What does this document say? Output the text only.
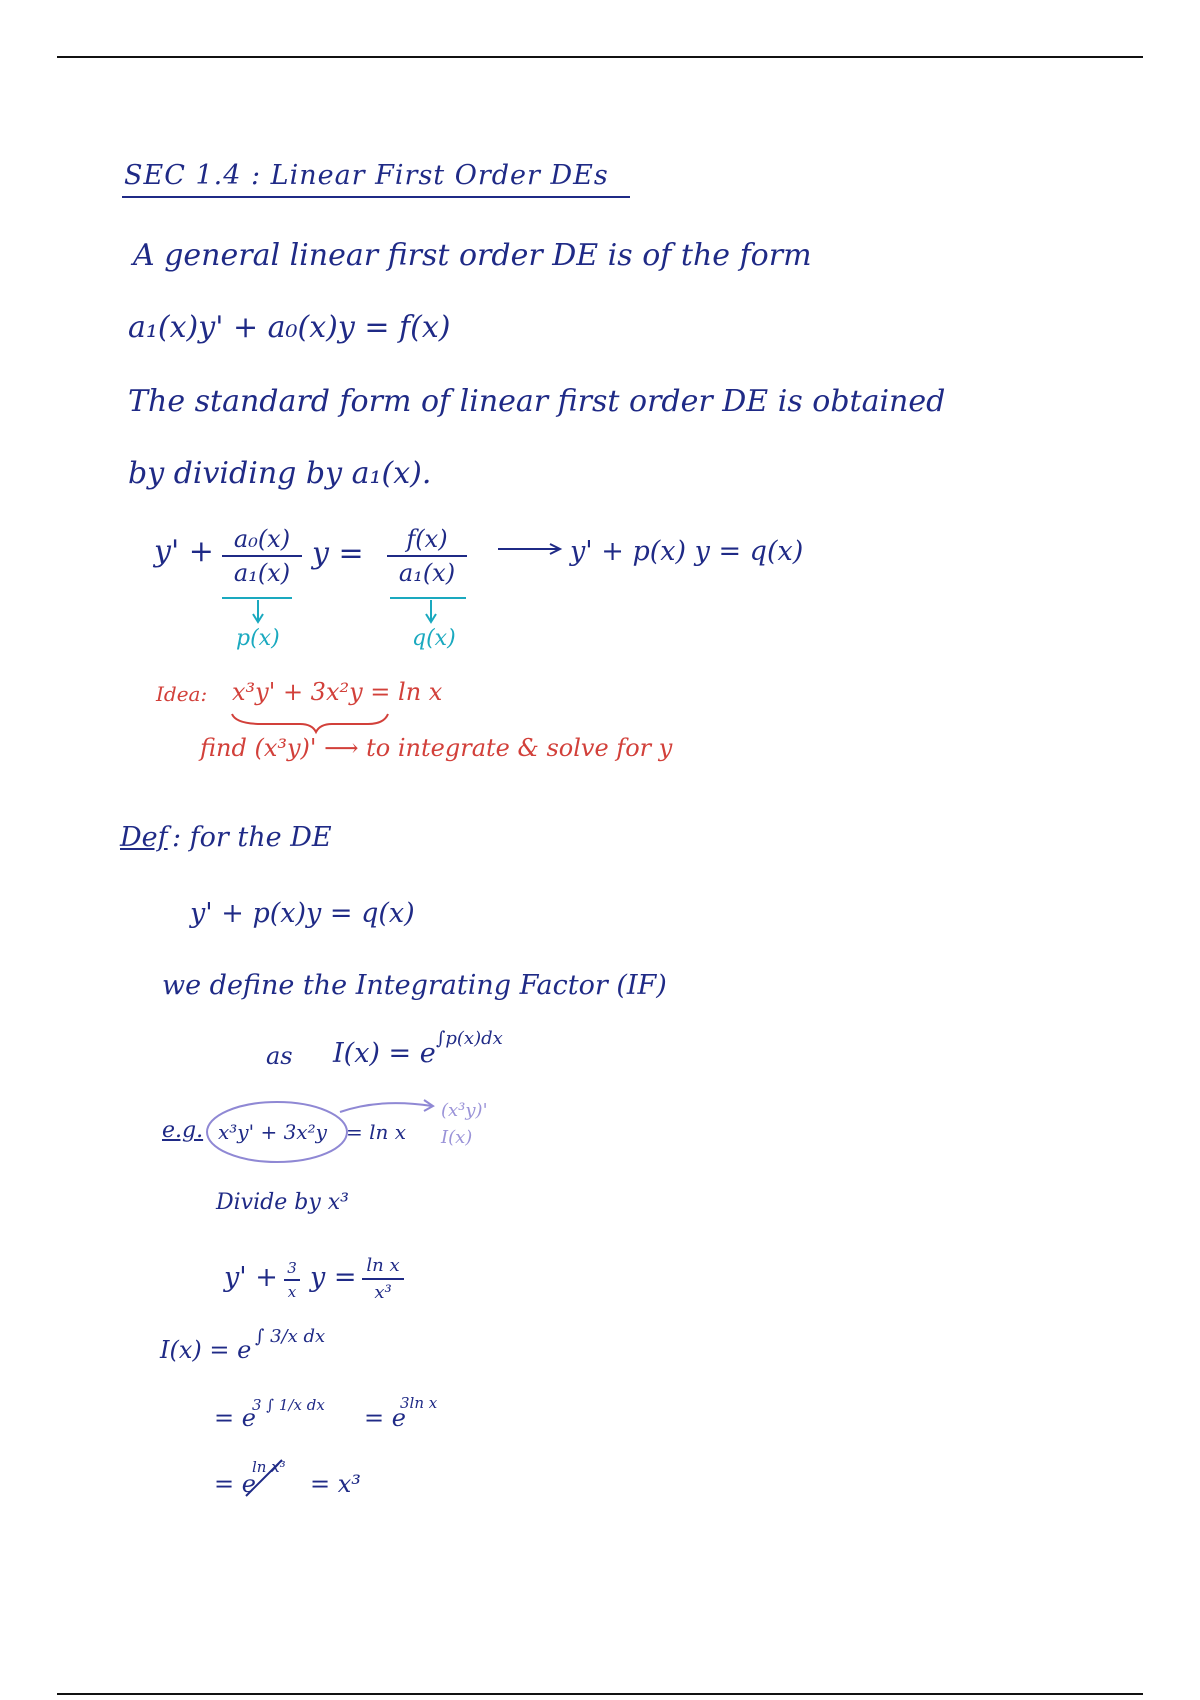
SEC 1.4 : Linear First Order DEs
A general linear first order DE is of the form
a₁(x)y' + a₀(x)y = f(x)
The standard form of linear first order DE is obtained
by dividing by a₁(x).
y' + a₀(x)
a₁(x)
y =	f(x)
a₁(x)
y' + p(x) y = q(x)
p(x)	q(x)
Idea: x³y' + 3x²y = ln x
find (x³y)' ⟶ to integrate & solve for y
Def : for the DE
y' + p(x)y = q(x)
we define the Integrating Factor (IF)
as I(x) = e ∫p(x)dx
e.g. x³y' + 3x²y = ln x
(x³y)'
I(x)
Divide by x³
y' + 3
x y = ln x
x³
I(x) = e ∫ 3/x dx
= e
3 ∫ 1/x dx = e
3ln x
= e
ln x³
= x³
